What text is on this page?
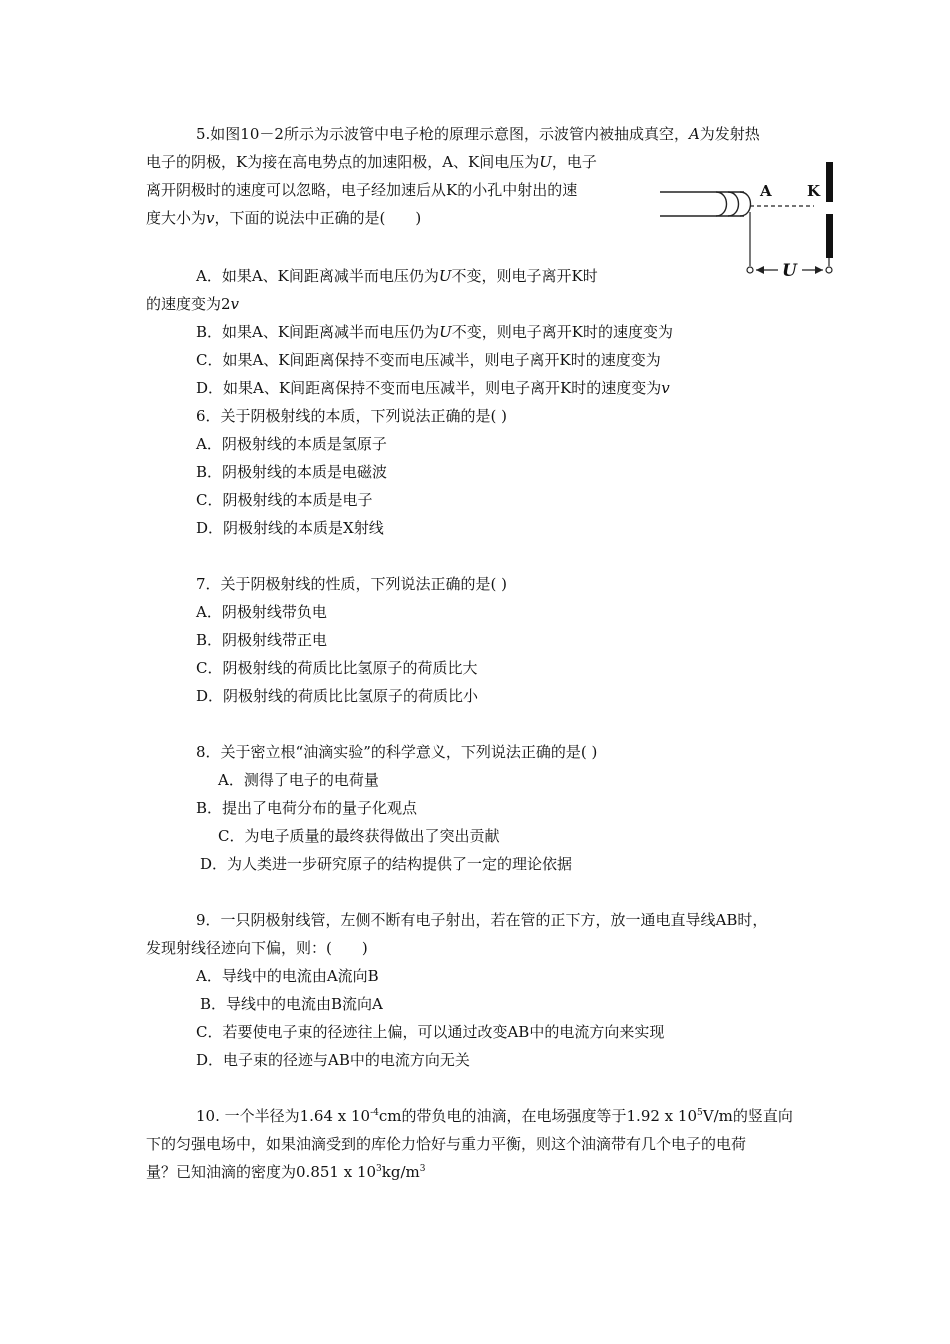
5.如图10－2所示为示波管中电子枪的原理示意图，示波管内被抽成真空，A为发射热
电子的阴极，K为接在高电势点的加速阳极，A、K间电压为U，电子
离开阴极时的速度可以忽略，电子经加速后从K的小孔中射出的速
度大小为v，下面的说法中正确的是(　　)
A K
U
A．如果A、K间距离减半而电压仍为U不变，则电子离开K时
的速度变为2v
B．如果A、K间距离减半而电压仍为U不变，则电子离开K时的速度变为
C．如果A、K间距离保持不变而电压减半，则电子离开K时的速度变为
D．如果A、K间距离保持不变而电压减半，则电子离开K时的速度变为v
6．关于阴极射线的本质，下列说法正确的是( )
A．阴极射线的本质是氢原子
B．阴极射线的本质是电磁波
C．阴极射线的本质是电子
D．阴极射线的本质是X射线
7．关于阴极射线的性质，下列说法正确的是( )
A．阴极射线带负电
B．阴极射线带正电
C．阴极射线的荷质比比氢原子的荷质比大
D．阴极射线的荷质比比氢原子的荷质比小
8．关于密立根“油滴实验”的科学意义，下列说法正确的是( )
A．测得了电子的电荷量
B．提出了电荷分布的量子化观点
C．为电子质量的最终获得做出了突出贡献
D．为人类进一步研究原子的结构提供了一定的理论依据
9．一只阴极射线管，左侧不断有电子射出，若在管的正下方，放一通电直导线AB时，
发现射线径迹向下偏，则：(　　)
A．导线中的电流由A流向B
B．导线中的电流由B流向A
C．若要使电子束的径迹往上偏，可以通过改变AB中的电流方向来实现
D．电子束的径迹与AB中的电流方向无关
10. 一个半径为1.64 x $10^{-4}cm$的带负电的油滴，在电场强度等于1.92 x $10^5V/m$的竖直向
下的匀强电场中，如果油滴受到的库伦力恰好与重力平衡，则这个油滴带有几个电子的电荷
量？已知油滴的密度为0.851 x $10^3kg/m^3$
